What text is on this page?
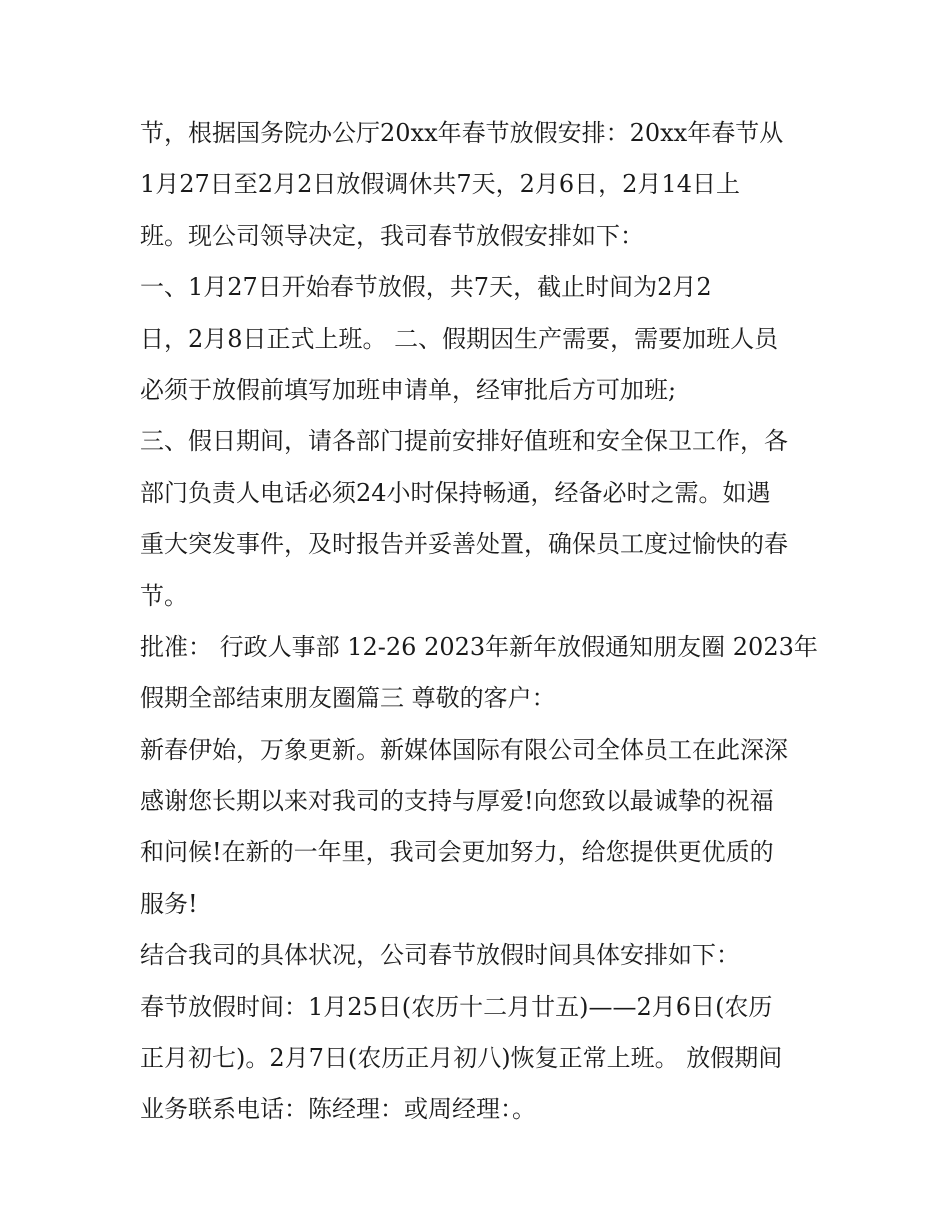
节，根据国务院办公厅20xx年春节放假安排：20xx年春节从

1月27日至2月2日放假调休共7天，2月6日，2月14日上

班。现公司领导决定，我司春节放假安排如下：

一、1月27日开始春节放假，共7天，截止时间为2月2

日，2月8日正式上班。 二、假期因生产需要，需要加班人员

必须于放假前填写加班申请单，经审批后方可加班;

三、假日期间，请各部门提前安排好值班和安全保卫工作，各

部门负责人电话必须24小时保持畅通，经备必时之需。如遇

重大突发事件，及时报告并妥善处置，确保员工度过愉快的春

节。

批准： 行政人事部 12-26 2023年新年放假通知朋友圈 2023年

假期全部结束朋友圈篇三 尊敬的客户：

新春伊始，万象更新。新媒体国际有限公司全体员工在此深深

感谢您长期以来对我司的支持与厚爱!向您致以最诚挚的祝福

和问候!在新的一年里，我司会更加努力，给您提供更优质的

服务!

结合我司的具体状况，公司春节放假时间具体安排如下：

春节放假时间：1月25日(农历十二月廿五)——2月6日(农历

正月初七)。2月7日(农历正月初八)恢复正常上班。 放假期间

业务联系电话：陈经理：或周经理：。
